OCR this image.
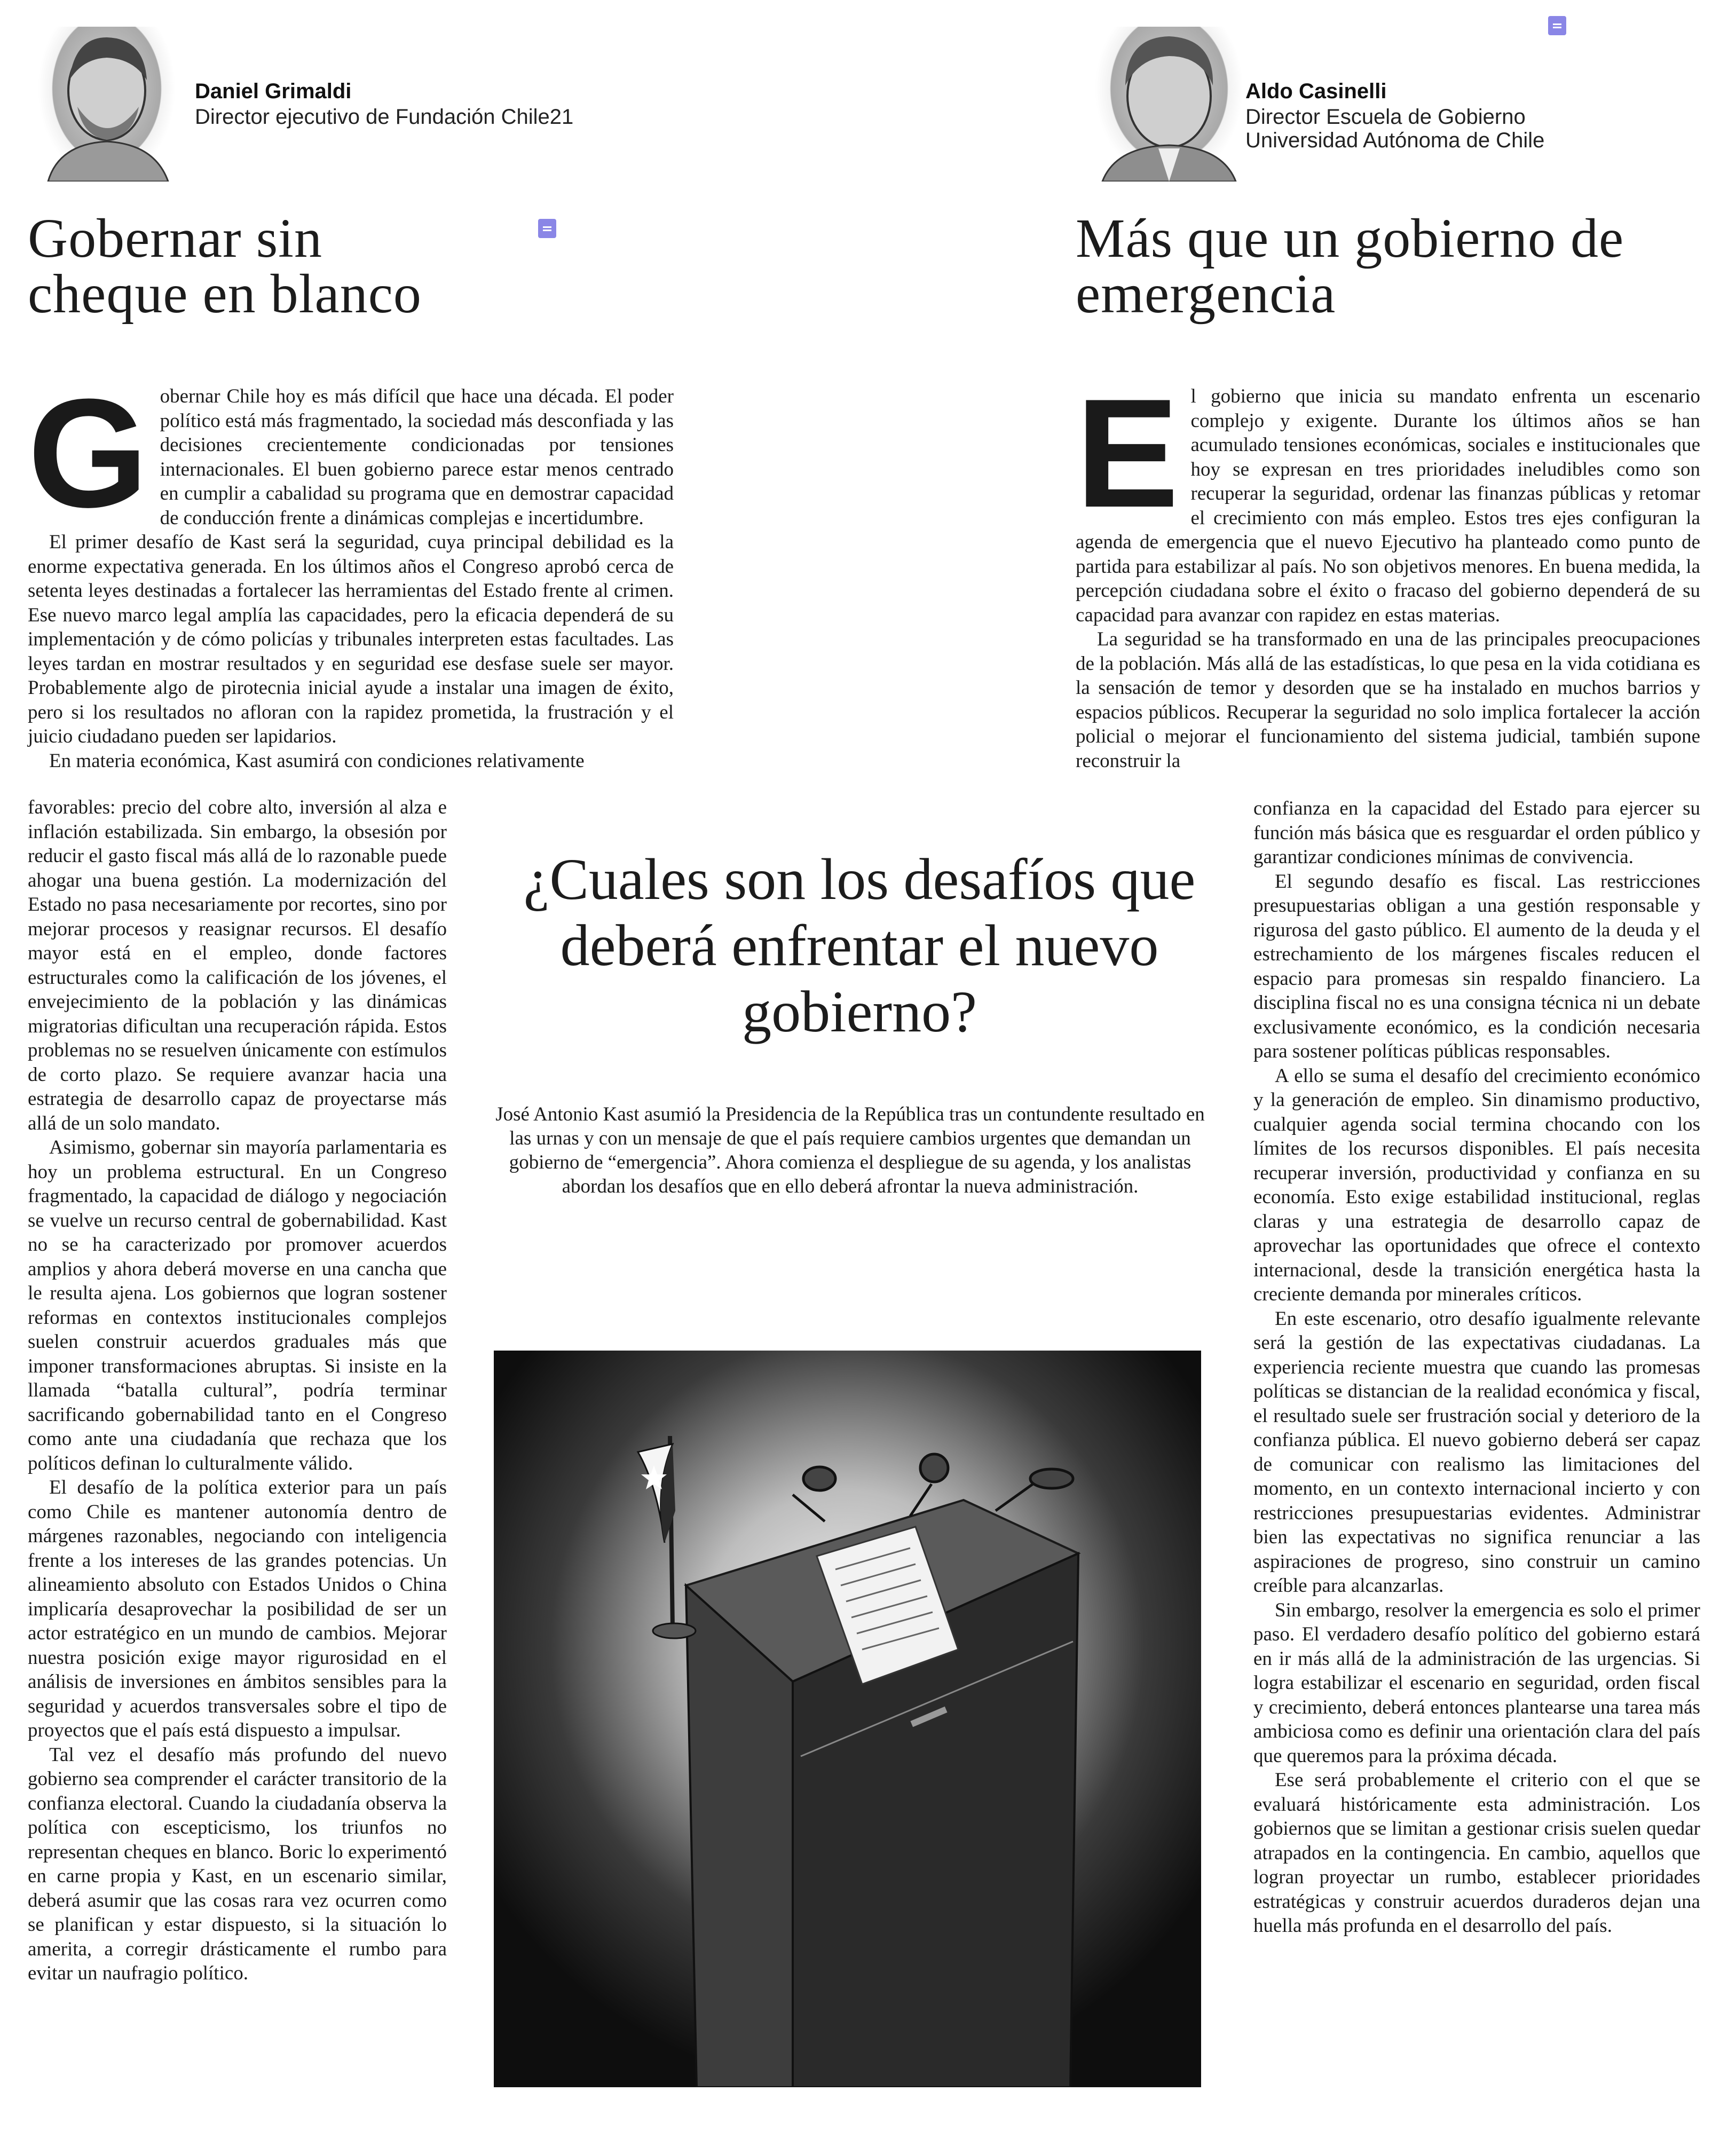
Daniel Grimaldi
Director ejecutivo de Fundación Chile21
Aldo Casinelli
Director Escuela de Gobierno
Universidad Autónoma de Chile
Gobernar sin cheque en blanco
Más que un gobierno de emergencia
G obernar Chile hoy es más difícil que hace una década. El poder político está más fragmentado, la sociedad más desconfiada y las decisiones crecientemente condicionadas por tensiones internacionales. El buen gobierno parece estar menos centrado en cumplir a cabalidad su programa que en demostrar capacidad de conducción frente a dinámicas complejas e incertidumbre.

El primer desafío de Kast será la seguridad, cuya principal debilidad es la enorme expectativa generada. En los últimos años el Congreso aprobó cerca de setenta leyes destinadas a fortalecer las herramientas del Estado frente al crimen. Ese nuevo marco legal amplía las capacidades, pero la eficacia dependerá de su implementación y de cómo policías y tribunales interpreten estas facultades. Las leyes tardan en mostrar resultados y en seguridad ese desfase suele ser mayor. Probablemente algo de pirotecnia inicial ayude a instalar una imagen de éxito, pero si los resultados no afloran con la rapidez prometida, la frustración y el juicio ciudadano pueden ser lapidarios.

En materia económica, Kast asumirá con condiciones relativamente

favorables: precio del cobre alto, inversión al alza e inflación estabilizada. Sin embargo, la obsesión por reducir el gasto fiscal más allá de lo razonable puede ahogar una buena gestión. La modernización del Estado no pasa necesariamente por recortes, sino por mejorar procesos y reasignar recursos. El desafío mayor está en el empleo, donde factores estructurales como la calificación de los jóvenes, el envejecimiento de la población y las dinámicas migratorias dificultan una recuperación rápida. Estos problemas no se resuelven únicamente con estímulos de corto plazo. Se requiere avanzar hacia una estrategia de desarrollo capaz de proyectarse más allá de un solo mandato.

Asimismo, gobernar sin mayoría parlamentaria es hoy un problema estructural. En un Congreso fragmentado, la capacidad de diálogo y negociación se vuelve un recurso central de gobernabilidad. Kast no se ha caracterizado por promover acuerdos amplios y ahora deberá moverse en una cancha que le resulta ajena. Los gobiernos que logran sostener reformas en contextos institucionales complejos suelen construir acuerdos graduales más que imponer transformaciones abruptas. Si insiste en la llamada “batalla cultural”, podría terminar sacrificando gobernabilidad tanto en el Congreso como ante una ciudadanía que rechaza que los políticos definan lo culturalmente válido.

El desafío de la política exterior para un país como Chile es mantener autonomía dentro de márgenes razonables, negociando con inteligencia frente a los intereses de las grandes potencias. Un alineamiento absoluto con Estados Unidos o China implicaría desaprovechar la posibilidad de ser un actor estratégico en un mundo de cambios. Mejorar nuestra posición exige mayor rigurosidad en el análisis de inversiones en ámbitos sensibles para la seguridad y acuerdos transversales sobre el tipo de proyectos que el país está dispuesto a impulsar.

Tal vez el desafío más profundo del nuevo gobierno sea comprender el carácter transitorio de la confianza electoral. Cuando la ciudadanía observa la política con escepticismo, los triunfos no representan cheques en blanco. Boric lo experimentó en carne propia y Kast, en un escenario similar, deberá asumir que las cosas rara vez ocurren como se planifican y estar dispuesto, si la situación lo amerita, a corregir drásticamente el rumbo para evitar un naufragio político.

E l gobierno que inicia su mandato enfrenta un escenario complejo y exigente. Durante los últimos años se han acumulado tensiones económicas, sociales e institucionales que hoy se expresan en tres prioridades ineludibles como son recuperar la seguridad, ordenar las finanzas públicas y retomar el crecimiento con más empleo. Estos tres ejes configuran la agenda de emergencia que el nuevo Ejecutivo ha planteado como punto de partida para estabilizar al país. No son objetivos menores. En buena medida, la percepción ciudadana sobre el éxito o fracaso del gobierno dependerá de su capacidad para avanzar con rapidez en estas materias.

La seguridad se ha transformado en una de las principales preocupaciones de la población. Más allá de las estadísticas, lo que pesa en la vida cotidiana es la sensación de temor y desorden que se ha instalado en muchos barrios y espacios públicos. Recuperar la seguridad no solo implica fortalecer la acción policial o mejorar el funcionamiento del sistema judicial, también supone reconstruir la

confianza en la capacidad del Estado para ejercer su función más básica que es resguardar el orden público y garantizar condiciones mínimas de convivencia.

El segundo desafío es fiscal. Las restricciones presupuestarias obligan a una gestión responsable y rigurosa del gasto público. El aumento de la deuda y el estrechamiento de los márgenes fiscales reducen el espacio para promesas sin respaldo financiero. La disciplina fiscal no es una consigna técnica ni un debate exclusivamente económico, es la condición necesaria para sostener políticas públicas responsables.

A ello se suma el desafío del crecimiento económico y la generación de empleo. Sin dinamismo productivo, cualquier agenda social termina chocando con los límites de los recursos disponibles. El país necesita recuperar inversión, productividad y confianza en su economía. Esto exige estabilidad institucional, reglas claras y una estrategia de desarrollo capaz de aprovechar las oportunidades que ofrece el contexto internacional, desde la transición energética hasta la creciente demanda por minerales críticos.

En este escenario, otro desafío igualmente relevante será la gestión de las expectativas ciudadanas. La experiencia reciente muestra que cuando las promesas políticas se distancian de la realidad económica y fiscal, el resultado suele ser frustración social y deterioro de la confianza pública. El nuevo gobierno deberá ser capaz de comunicar con realismo las limitaciones del momento, en un contexto internacional incierto y con restricciones presupuestarias evidentes. Administrar bien las expectativas no significa renunciar a las aspiraciones de progreso, sino construir un camino creíble para alcanzarlas.

Sin embargo, resolver la emergencia es solo el primer paso. El verdadero desafío político del gobierno estará en ir más allá de la administración de las urgencias. Si logra estabilizar el escenario en seguridad, orden fiscal y crecimiento, deberá entonces plantearse una tarea más ambiciosa como es definir una orientación clara del país que queremos para la próxima década.

Ese será probablemente el criterio con el que se evaluará históricamente esta administración. Los gobiernos que se limitan a gestionar crisis suelen quedar atrapados en la contingencia. En cambio, aquellos que logran proyectar un rumbo, establecer prioridades estratégicas y construir acuerdos duraderos dejan una huella más profunda en el desarrollo del país.

¿Cuales son los desafíos que deberá enfrentar el nuevo gobierno?
José Antonio Kast asumió la Presidencia de la República tras un contundente resultado en las urnas y con un mensaje de que el país requiere cambios urgentes que demandan un gobierno de “emergencia”. Ahora comienza el despliegue de su agenda, y los analistas abordan los desafíos que en ello deberá afrontar la nueva administración.
